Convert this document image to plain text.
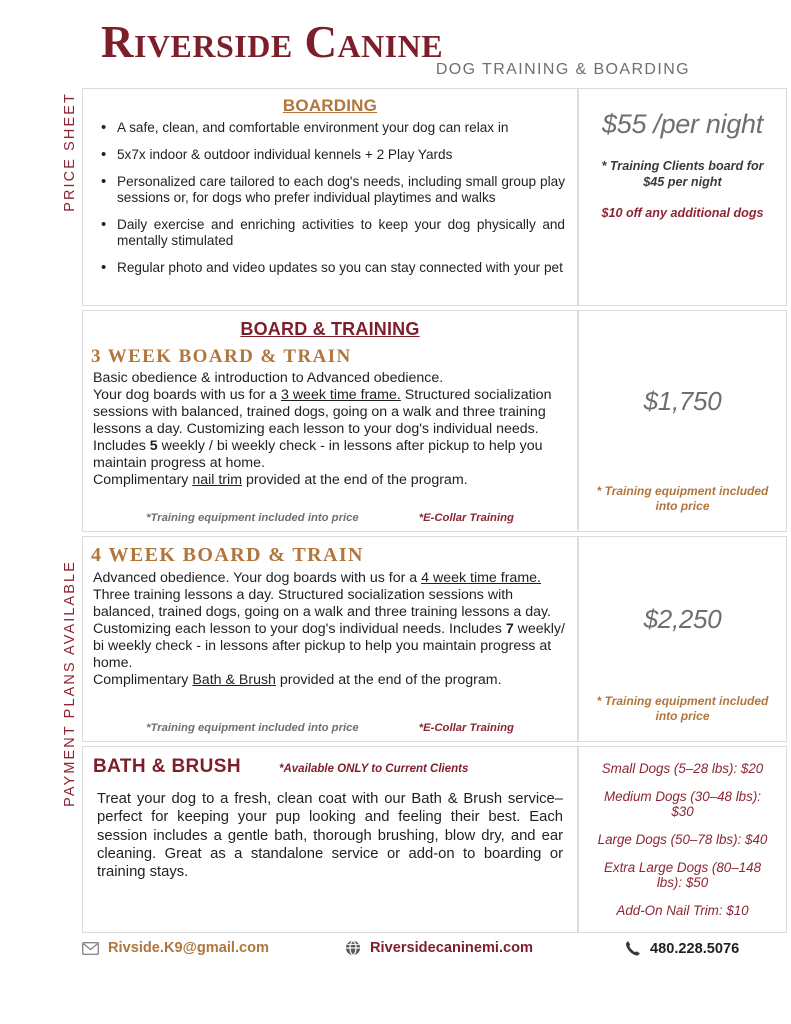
PRICE SHEET
PAYMENT PLANS AVAILABLE
Riverside Canine
DOG TRAINING & BOARDING
BOARDING
• A safe, clean, and comfortable environment your dog can relax in
• 5x7x indoor & outdoor individual kennels + 2 Play Yards
• Personalized care tailored to each dog's needs, including small group play sessions or, for dogs who prefer individual playtimes and walks
• Daily exercise and enriching activities to keep your dog physically and mentally stimulated
• Regular photo and video updates so you can stay connected with your pet
$55 /per night
* Training Clients board for $45 per night
$10 off any additional dogs
BOARD & TRAINING
3 WEEK BOARD & TRAIN
Basic obedience & introduction to Advanced obedience.
Your dog boards with us for a 3 week time frame. Structured socialization sessions with balanced, trained dogs, going on a walk and three training lessons a day. Customizing each lesson to your dog's individual needs. Includes 5 weekly / bi weekly check - in lessons after pickup to help you maintain progress at home.
Complimentary nail trim provided at the end of the program.
*Training equipment included into price	*E-Collar Training
$1,750
* Training equipment included into price
4 WEEK BOARD & TRAIN
Advanced obedience. Your dog boards with us for a 4 week time frame. Three training lessons a day. Structured socialization sessions with balanced, trained dogs, going on a walk and three training lessons a day. Customizing each lesson to your dog's individual needs. Includes 7 weekly/ bi weekly check - in lessons after pickup to help you maintain progress at home.
Complimentary Bath & Brush provided at the end of the program.
*Training equipment included into price	*E-Collar Training
$2,250
* Training equipment included into price
BATH & BRUSH	*Available ONLY to Current Clients
Treat your dog to a fresh, clean coat with our Bath & Brush service–perfect for keeping your pup looking and feeling their best. Each session includes a gentle bath, thorough brushing, blow dry, and ear cleaning. Great as a standalone service or add-on to boarding or training stays.
Small Dogs (5–28 lbs): $20
Medium Dogs (30–48 lbs): $30
Large Dogs (50–78 lbs): $40
Extra Large Dogs (80–148 lbs): $50
Add-On Nail Trim: $10
Rivside.K9@gmail.com	Riversidecaninemi.com	480.228.5076
